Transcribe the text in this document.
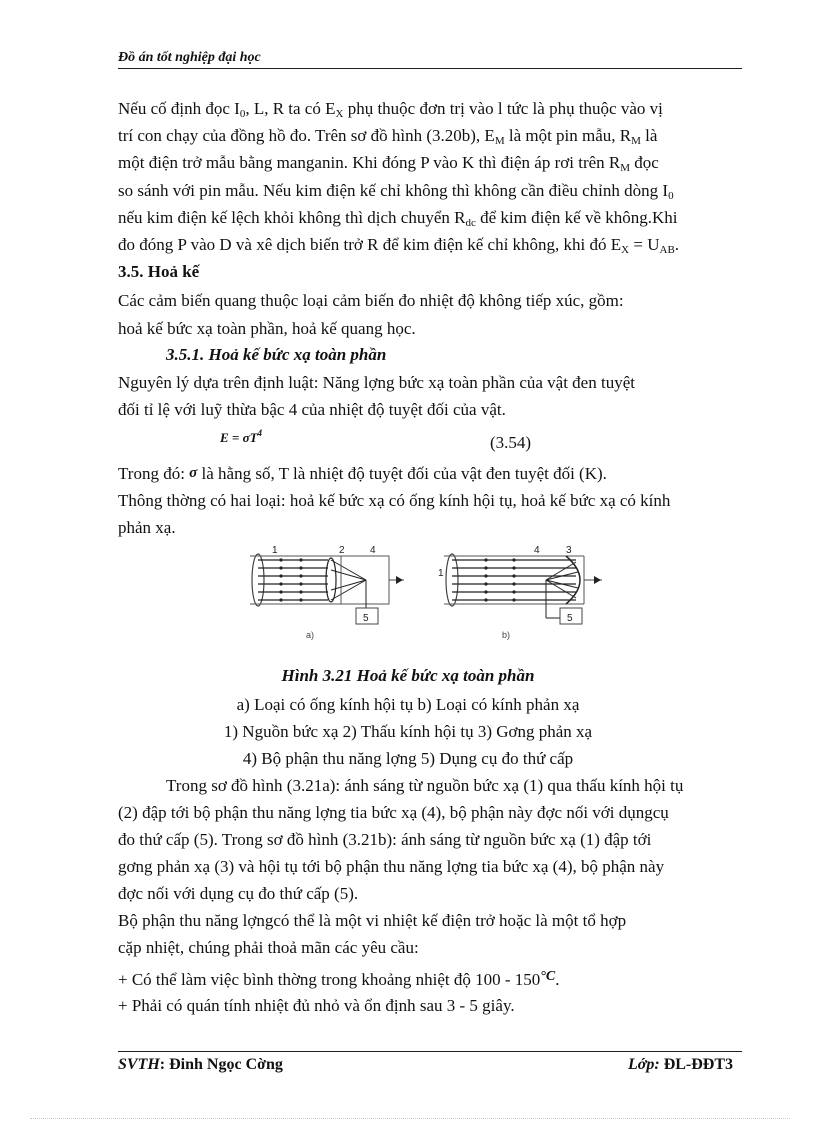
Đồ án tốt nghiệp đại học
Nếu cố định đọc $I_0$, L, R ta có $E_X$ phụ thuộc đơn trị vào l tức là phụ thuộc vào vị
trí con chạy của đồng hồ đo. Trên sơ đồ hình (3.20b), $E_M$ là một pin mẫu, $R_M$ là
một điện trở mẫu bằng manganin. Khi đóng P vào K thì điện áp rơi trên $R_M$ đọc
so sánh với pin mẫu. Nếu kim điện kế chỉ không thì không cần điều chỉnh dòng $I_0$
nếu kim điện kế lệch khỏi không thì dịch chuyển $R_{dc}$ để kim điện kế về không.Khi
đo đóng P vào D và xê dịch biến trở R để kim điện kế chỉ không, khi đó $E_X = U_{AB}$.
3.5. Hoả kế
Các cảm biến quang thuộc loại cảm biến đo nhiệt độ không tiếp xúc, gồm:
hoả kế bức xạ toàn phần, hoả kế quang học.
3.5.1. Hoả kế bức xạ toàn phần
Nguyên lý dựa trên định luật: Năng lợng bức xạ toàn phần của vật đen tuyệt
đối tỉ lệ với luỹ thừa bậc 4 của nhiệt độ tuyệt đối của vật.
$E = \sigma T^4$	(3.54)
Trong đó: σ là hằng số, T là nhiệt độ tuyệt đối của vật đen tuyệt đối (K).
Thông thờng có hai loại: hoả kế bức xạ có ống kính hội tụ, hoả kế bức xạ có kính
phản xạ.
5
1	2	4
a)
5
1
4	3
b)
Hình 3.21 Hoả kế bức xạ toàn phần
a) Loại có ống kính hội tụ b) Loại có kính phản xạ
1) Nguồn bức xạ 2) Thấu kính hội tụ 3) Gơng phản xạ
4) Bộ phận thu năng lợng 5) Dụng cụ đo thứ cấp
Trong sơ đồ hình (3.21a): ánh sáng từ nguồn bức xạ (1) qua thấu kính hội tụ
(2) đập tới bộ phận thu năng lợng tia bức xạ (4), bộ phận này đợc nối với dụngcụ
đo thứ cấp (5). Trong sơ đồ hình (3.21b): ánh sáng từ nguồn bức xạ (1) đập tới
gơng phản xạ (3) và hội tụ tới bộ phận thu năng lợng tia bức xạ (4), bộ phận này
đợc nối với dụng cụ đo thứ cấp (5).
Bộ phận thu năng lợngcó thể là một vi nhiệt kế điện trở hoặc là một tổ hợp
cặp nhiệt, chúng phải thoả mãn các yêu cầu:
+ Có thể làm việc bình thờng trong khoảng nhiệt độ $100 - 150^{^\circ C}$.
+ Phải có quán tính nhiệt đủ nhỏ và ổn định sau 3 - 5 giây.
SVTH: Đinh Ngọc Cờng	Lớp: ĐL-ĐĐT3
